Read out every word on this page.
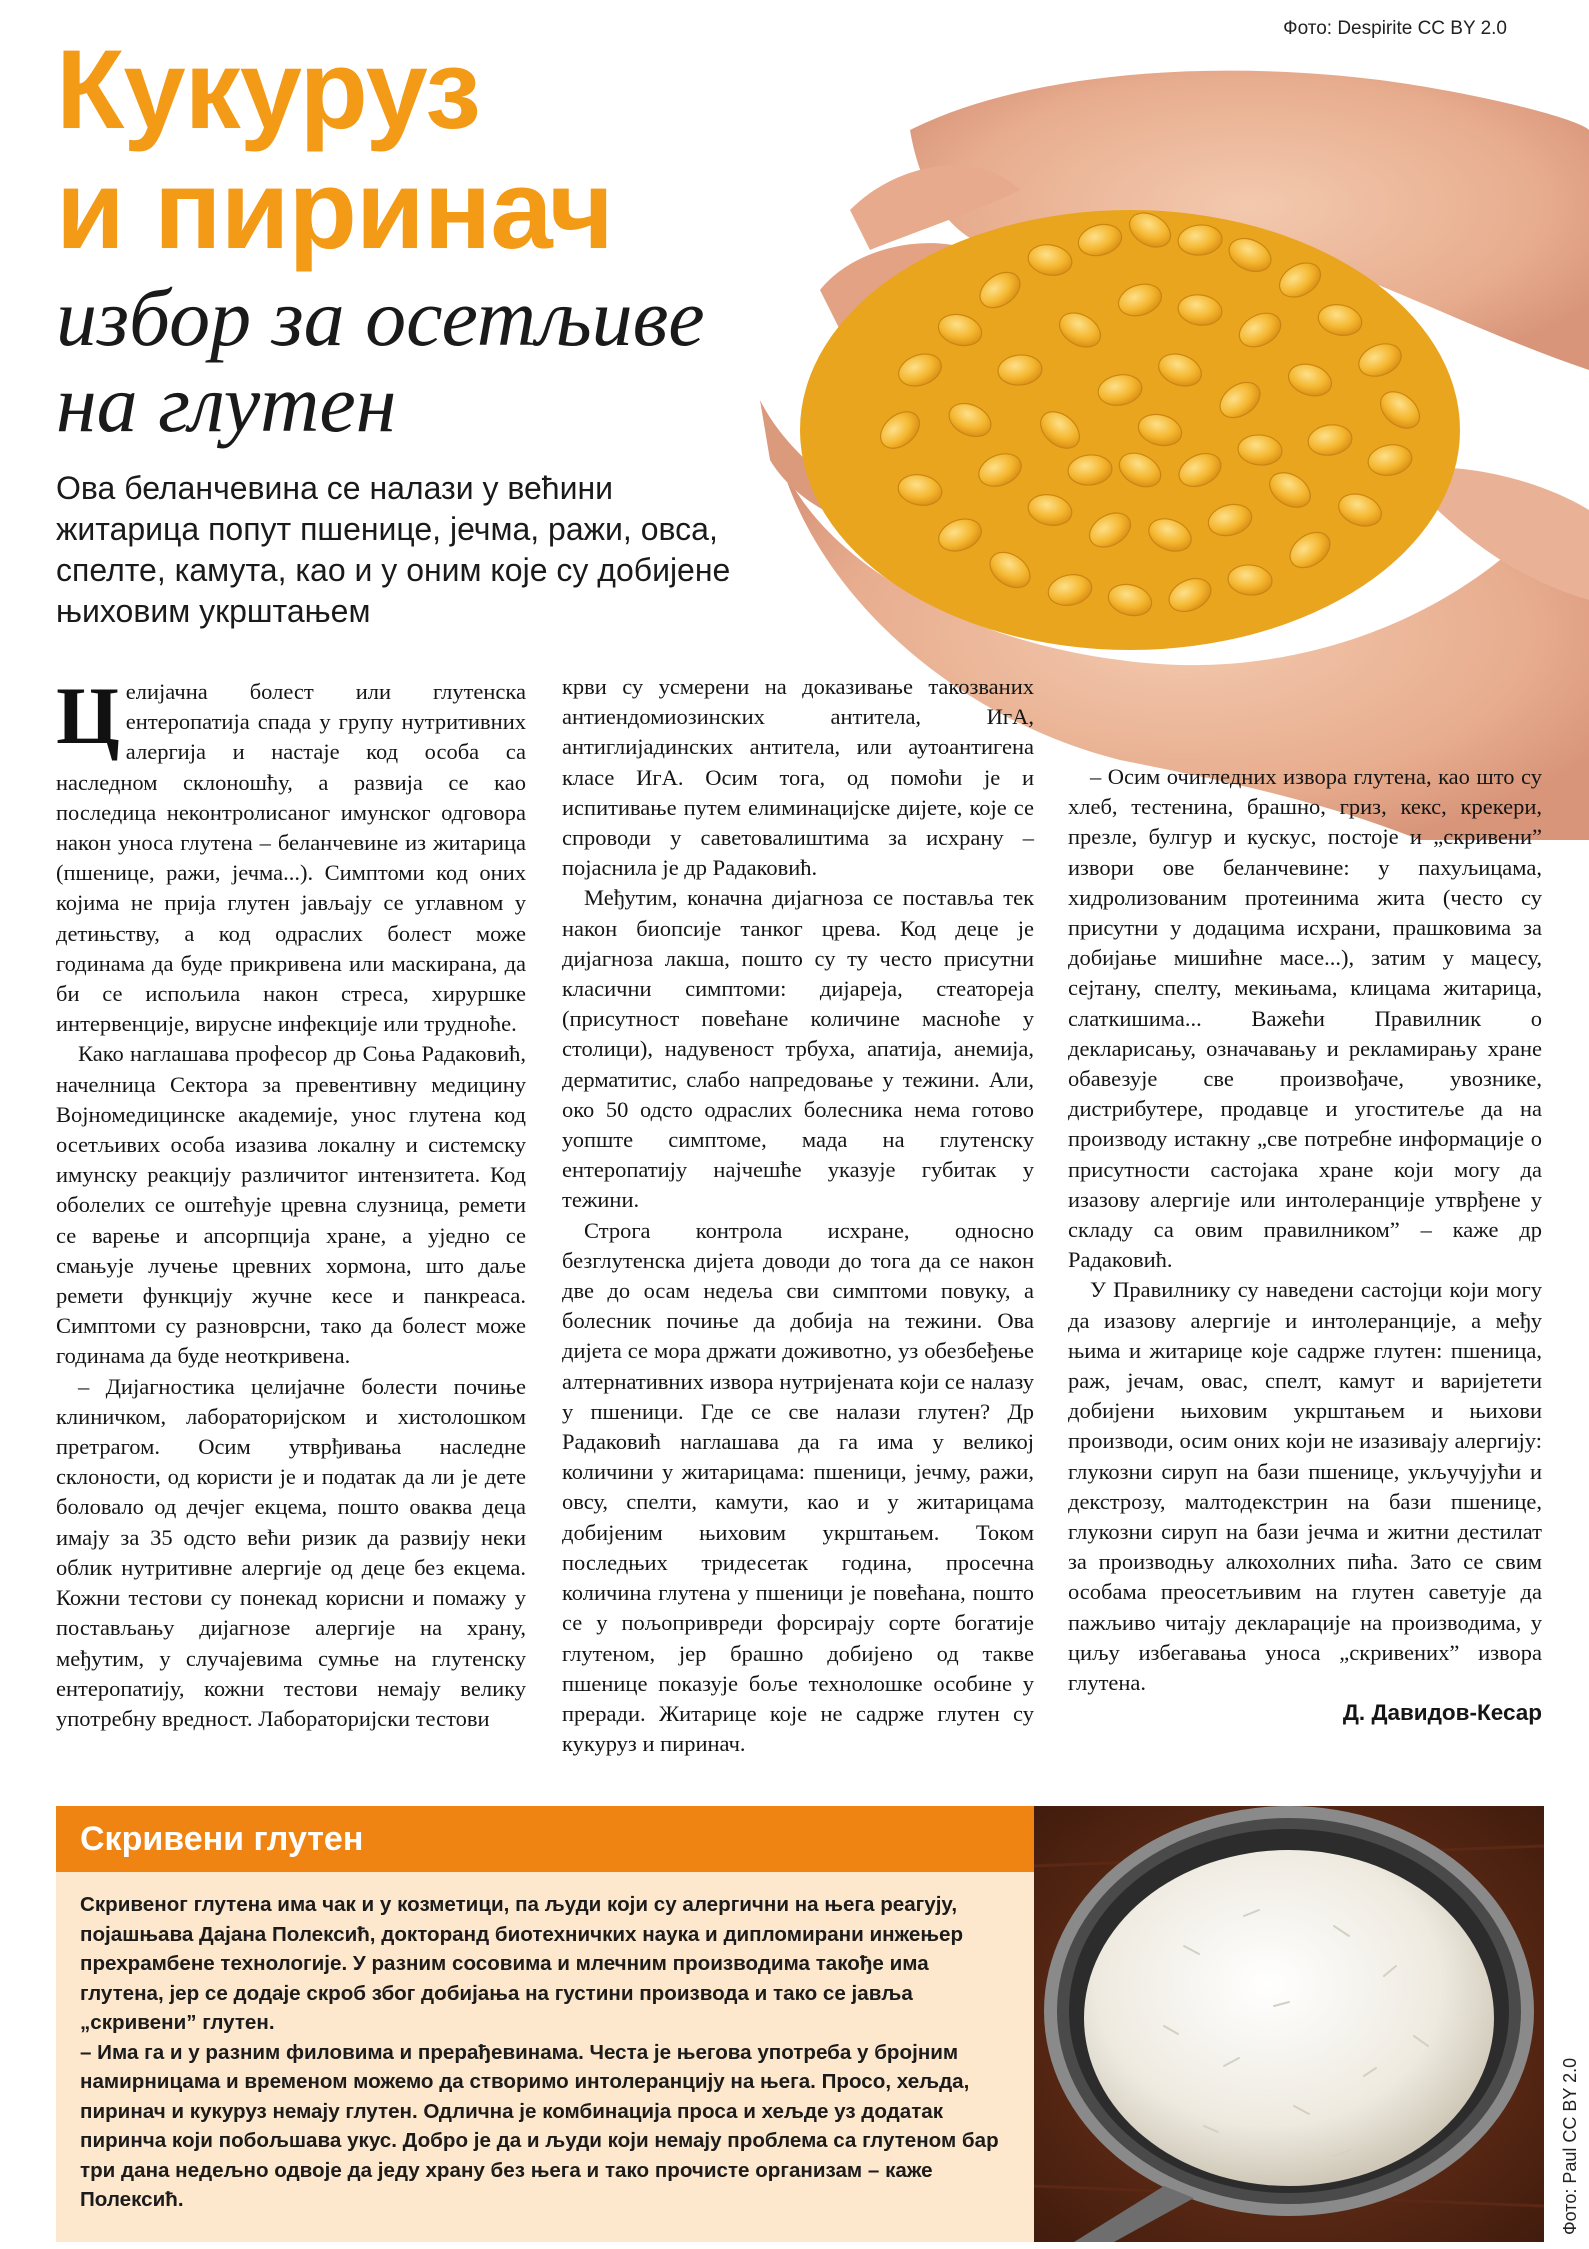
Фото: Despirite CC BY 2.0
Кукуруз
и пиринач
избор за осетљиве
на глутен
Ова беланчевина се налази у већини житарица попут пшенице, јечма, ражи, овса, спелте, камута, као и у оним које су добијене њиховим укрштањем

Целијачна болест или глутенска ентеропатија спада у групу нутритивних алергија и настаје код особа са наследном склоношћу, а развија се као последица неконтролисаног имунског одговора након уноса глутена – беланчевине из житарица (пшенице, ражи, јечма...). Симптоми код оних којима не прија глутен јављају се углавном у детињству, а код одраслих болест може годинама да буде прикривена или маскирана, да би се испољила након стреса, хируршке интервенције, вирусне инфекције или трудноће.

Како наглашава професор др Соња Радаковић, начелница Сектора за превентивну медицину Војномедицинске академије, унос глутена код осетљивих особа изазива локалну и системску имунску реакцију различитог интензитета. Код оболелих се оштећује цревна слузница, ремети се варење и апсорпција хране, а уједно се смањује лучење цревних хормона, што даље ремети функцију жучне кесе и панкреаса. Симптоми су разноврсни, тако да болест може годинама да буде неоткривена.

– Дијагностика целијачне болести почиње клиничком, лабораторијском и хистолошком претрагом. Осим утврђивања наследне склоности, од користи је и податак да ли је дете боловало од дечјег екцема, пошто оваква деца имају за 35 одсто већи ризик да развију неки облик нутритивне алергије од деце без екцема. Кожни тестови су понекад корисни и помажу у постављању дијагнозе алергије на храну, међутим, у случајевима сумње на глутенску ентеропатију, кожни тестови немају велику употребну вредност. Лабораторијски тестови

крви су усмерени на доказивање такозваних антиендомиозинских антитела, ИгА, антиглијадинских антитела, или аутоантигена класе ИгА. Осим тога, од помоћи је и испитивање путем елиминацијске дијете, које се спроводи у саветовалиштима за исхрану – појаснила је др Радаковић.

Међутим, коначна дијагноза се поставља тек након биопсије танког црева. Код деце је дијагноза лакша, пошто су ту често присутни класични симптоми: дијареја, стеатореја (присутност повећане количине масноће у столици), надувеност трбуха, апатија, анемија, дерматитис, слабо напредовање у тежини. Али, око 50 одсто одраслих болесника нема готово уопште симптоме, мада на глутенску ентеропатију најчешће указује губитак у тежини.

Строга контрола исхране, односно безглутенска дијета доводи до тога да се након две до осам недеља сви симптоми повуку, а болесник почиње да добија на тежини. Ова дијета се мора држати доживотно, уз обезбеђење алтернативних извора нутријената који се налазу у пшеници. Где се све налази глутен? Др Радаковић наглашава да га има у великој количини у житарицама: пшеници, јечму, ражи, овсу, спелти, камути, као и у житарицама добијеним њиховим укрштањем. Током последњих тридесетак година, просечна количина глутена у пшеници је повећана, пошто се у пољопривреди форсирају сорте богатије глутеном, јер брашно добијено од такве пшенице показује боље технолошке особине у преради. Житарице које не садрже глутен су кукуруз и пиринач.

– Осим очигледних извора глутена, као што су хлеб, тестенина, брашно, гриз, кекс, крекери, презле, булгур и кускус, постоје и „скривени” извори ове беланчевине: у пахуљицама, хидролизованим протеинима жита (често су присутни у додацима исхрани, прашковима за добијање мишићне масе...), затим у мацесу, сејтану, спелту, мекињама, клицама житарица, слаткишима... Важећи Правилник о декларисању, означавању и рекламирању хране обавезује све произвођаче, увознике, дистрибутере, продавце и угоститеље да на производу истакну „све потребне информације о присутности састојака хране који могу да изазову алергије или интолеранције утврђене у складу са овим правилником” – каже др Радаковић.

У Правилнику су наведени састојци који могу да изазову алергије и интолеранције, а међу њима и житарице које садрже глутен: пшеница, раж, јечам, овас, спелт, камут и варијетети добијени њиховим укрштањем и њихови производи, осим оних који не изазивају алергију: глукозни сируп на бази пшенице, укључујући и декстрозу, малтодекстрин на бази пшенице, глукозни сируп на бази јечма и житни дестилат за производњу алкохолних пића. Зато се свим особама преосетљивим на глутен саветује да пажљиво читају декларације на производима, у циљу избегавања уноса „скривених” извора глутена.

Д. Давидов-Кесар
Скривени глутен

Скривеног глутена има чак и у козметици, па људи који су алергични на њега реагују, појашњава Дајана Полексић, докторанд биотехничких наука и дипломирани инжењер прехрамбене технологије. У разним сосовима и млечним производима такође има глутена, јер се додаје скроб због добијања на густини производа и тако се јавља „скривени” глутен.

– Има га и у разним филовима и прерађевинама. Честа је његова употреба у бројним намирницама и временом можемо да створимо интолеранцију на њега. Просо, хељда, пиринач и кукуруз немају глутен. Одлична је комбинација проса и хељде уз додатак пиринча који побољшава укус. Добро је да и људи који немају проблема са глутеном бар три дана недељно одвоје да једу храну без њега и тако прочисте организам – каже Полексић.	Фото: Paul CC BY 2.0
